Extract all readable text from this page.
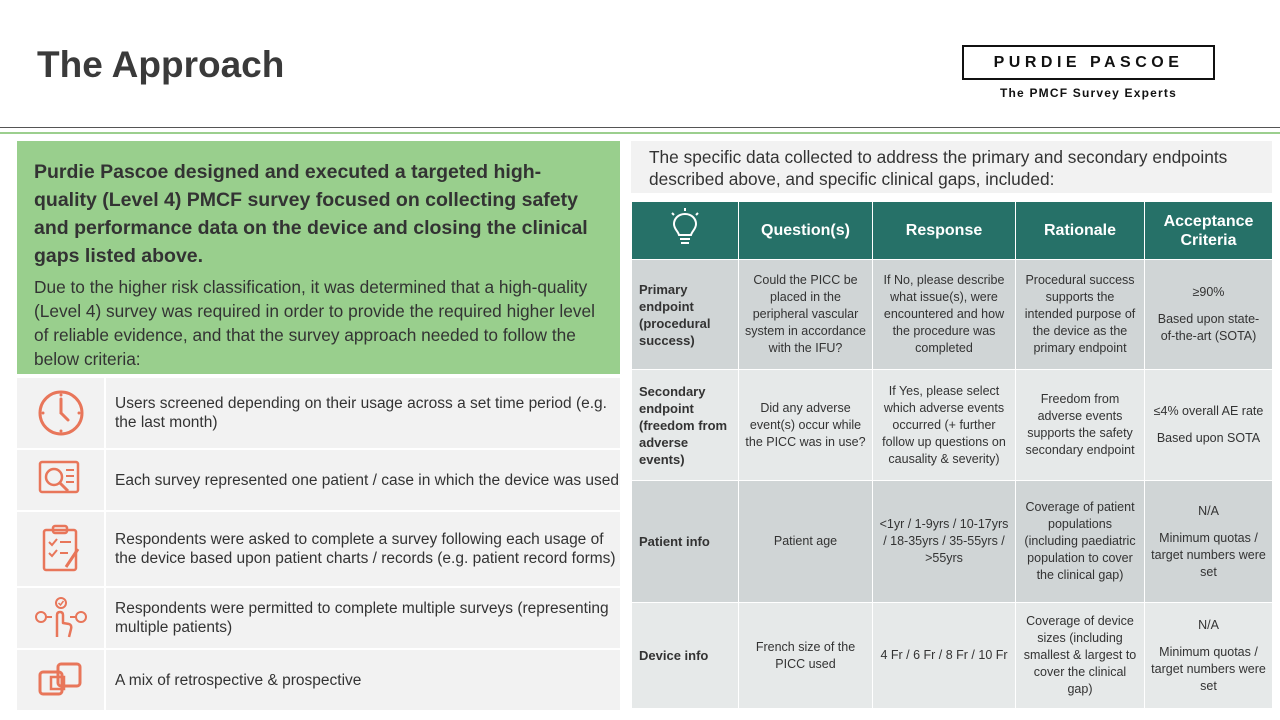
The Approach	PURDIE PASCOE
The PMCF Survey Experts
Purdie Pascoe designed and executed a targeted high-quality (Level 4) PMCF survey focused on collecting safety and performance data on the device and closing the clinical gaps listed above.
Due to the higher risk classification, it was determined that a high-quality (Level 4) survey was required in order to provide the required higher level of reliable evidence, and that the survey approach needed to follow the below criteria:
Users screened depending on their usage across a set time period (e.g. the last month)
Each survey represented one patient / case in which the device was used
Respondents were asked to complete a survey following each usage of the device based upon patient charts / records (e.g. patient record forms)
Respondents were permitted to complete multiple surveys (representing multiple patients)
A mix of retrospective & prospective
The specific data collected to address the primary and secondary endpoints described above, and specific clinical gaps, included:
	Question(s)	Response	Rationale	Acceptance Criteria
Primary endpoint (procedural success)	Could the PICC be placed in the peripheral vascular system in accordance with the IFU?	If No, please describe what issue(s), were encountered and how the procedure was completed	Procedural success supports the intended purpose of the device as the primary endpoint	≥90%
Based upon state-of-the-art (SOTA)
Secondary endpoint (freedom from adverse events)	Did any adverse event(s) occur while the PICC was in use?	If Yes, please select which adverse events occurred (+ further follow up questions on causality & severity)	Freedom from adverse events supports the safety secondary endpoint	≤4% overall AE rate
Based upon SOTA
Patient info	Patient age	<1yr / 1-9yrs / 10-17yrs / 18-35yrs / 35-55yrs / >55yrs	Coverage of patient populations (including paediatric population to cover the clinical gap)	N/A
Minimum quotas / target numbers were set
Device info	French size of the PICC used	4 Fr / 6 Fr / 8 Fr / 10 Fr	Coverage of device sizes (including smallest & largest to cover the clinical gap)	N/A
Minimum quotas / target numbers were set
